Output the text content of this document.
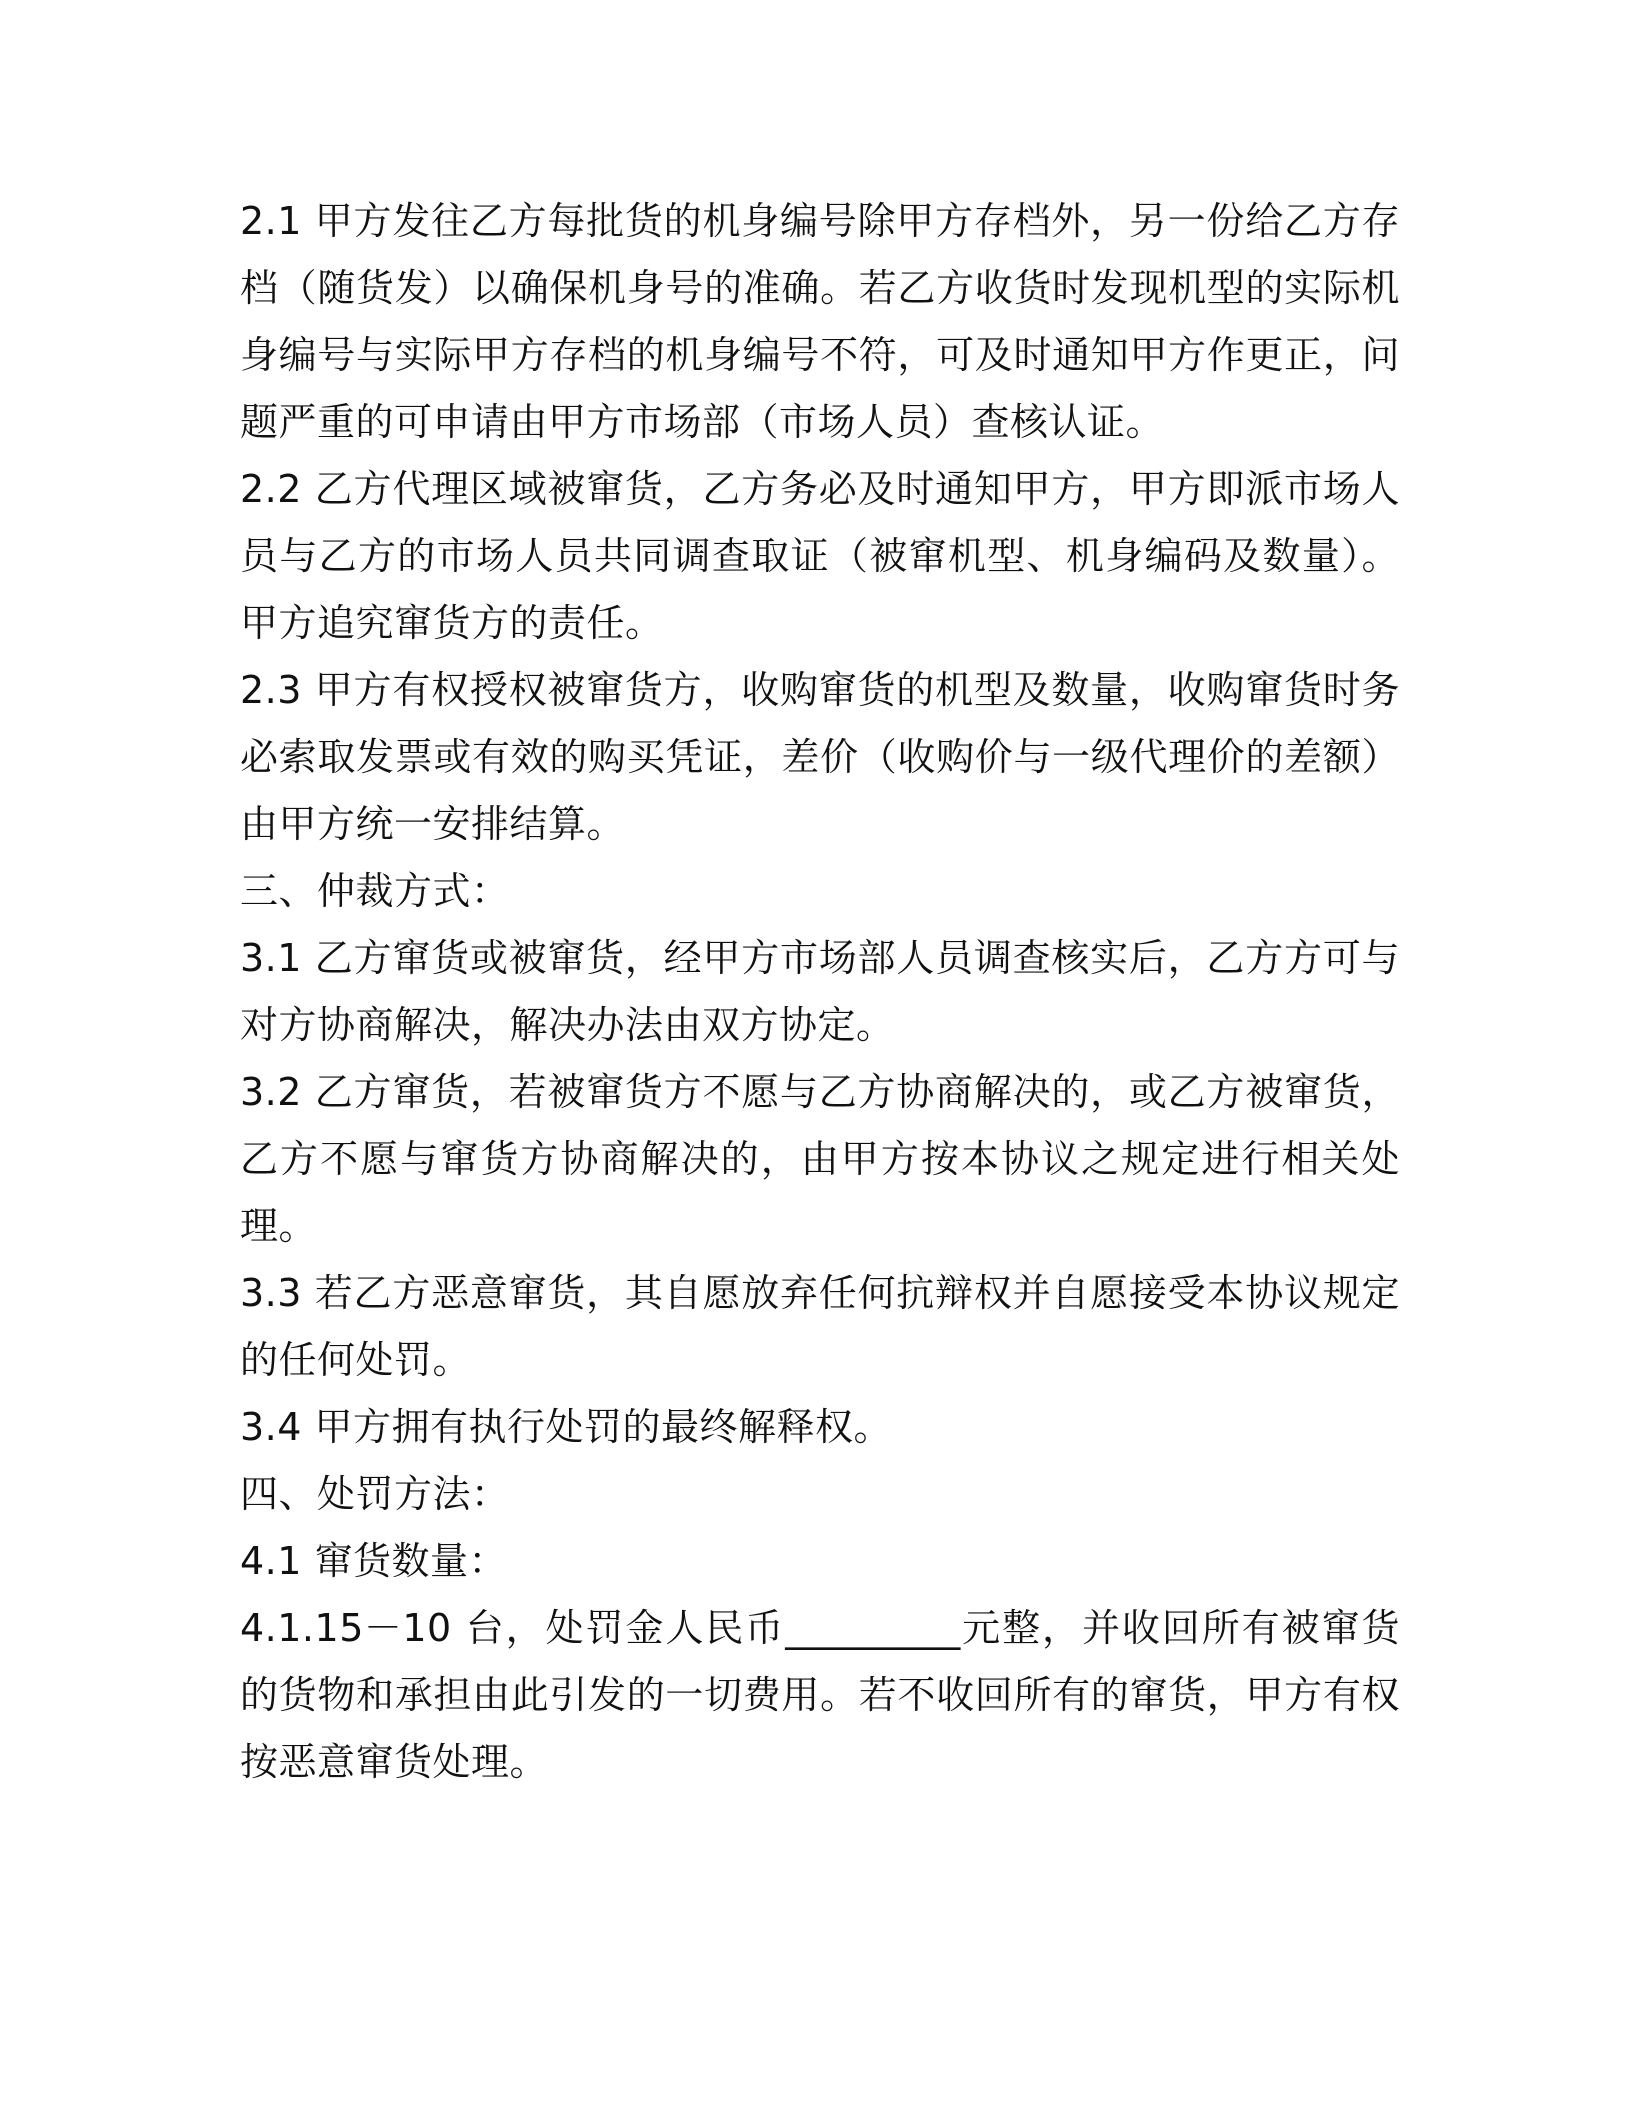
2.1 甲方发往乙方每批货的机身编号除甲方存档外，另一份给乙方存档（随货发）以确保机身号的准确。若乙方收货时发现机型的实际机身编号与实际甲方存档的机身编号不符，可及时通知甲方作更正，问题严重的可申请由甲方市场部（市场人员）查核认证。

2.2 乙方代理区域被窜货，乙方务必及时通知甲方，甲方即派市场人员与乙方的市场人员共同调查取证（被窜机型、机身编码及数量）。甲方追究窜货方的责任。

2.3 甲方有权授权被窜货方，收购窜货的机型及数量，收购窜货时务必索取发票或有效的购买凭证，差价（收购价与一级代理价的差额）由甲方统一安排结算。

三、仲裁方式：

3.1 乙方窜货或被窜货，经甲方市场部人员调查核实后，乙方方可与对方协商解决，解决办法由双方协定。

3.2 乙方窜货，若被窜货方不愿与乙方协商解决的，或乙方被窜货，乙方不愿与窜货方协商解决的，由甲方按本协议之规定进行相关处理。

3.3 若乙方恶意窜货，其自愿放弃任何抗辩权并自愿接受本协议规定的任何处罚。

3.4 甲方拥有执行处罚的最终解释权。

四、处罚方法：

4.1 窜货数量：

4.1.15－10 台，处罚金人民币_________元整，并收回所有被窜货的货物和承担由此引发的一切费用。若不收回所有的窜货，甲方有权按恶意窜货处理。
